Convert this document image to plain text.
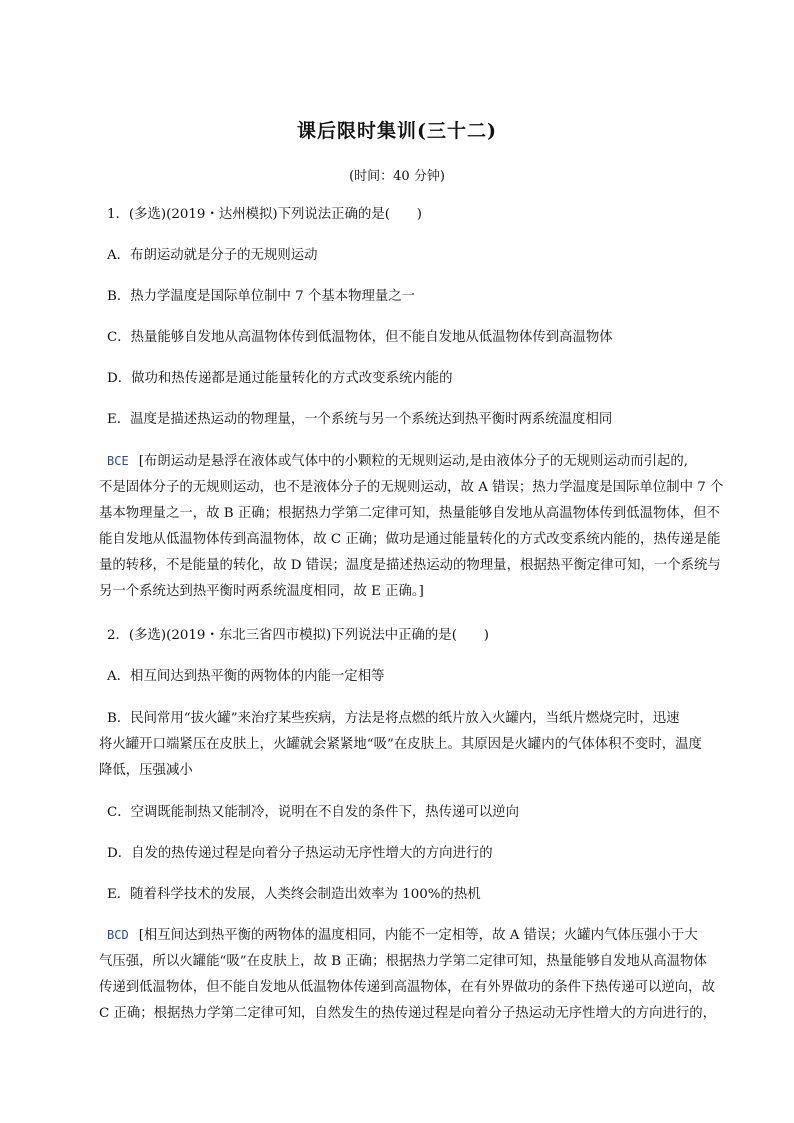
课后限时集训(三十二)
(时间：40 分钟)
1．(多选)(2019・达州模拟)下列说法正确的是(　　)
A．布朗运动就是分子的无规则运动
B．热力学温度是国际单位制中 7 个基本物理量之一
C．热量能够自发地从高温物体传到低温物体，但不能自发地从低温物体传到高温物体
D．做功和热传递都是通过能量转化的方式改变系统内能的
E．温度是描述热运动的物理量，一个系统与另一个系统达到热平衡时两系统温度相同
BCE [布朗运动是悬浮在液体或气体中的小颗粒的无规则运动,是由液体分子的无规则运动而引起的,
不是固体分子的无规则运动，也不是液体分子的无规则运动，故 A 错误；热力学温度是国际单位制中 7 个
基本物理量之一，故 B 正确；根据热力学第二定律可知，热量能够自发地从高温物体传到低温物体，但不
能自发地从低温物体传到高温物体，故 C 正确；做功是通过能量转化的方式改变系统内能的，热传递是能
量的转移，不是能量的转化，故 D 错误；温度是描述热运动的物理量，根据热平衡定律可知，一个系统与
另一个系统达到热平衡时两系统温度相同，故 E 正确。]
2．(多选)(2019・东北三省四市模拟)下列说法中正确的是(　　)
A．相互间达到热平衡的两物体的内能一定相等
B．民间常用“拔火罐”来治疗某些疾病，方法是将点燃的纸片放入火罐内，当纸片燃烧完时，迅速
将火罐开口端紧压在皮肤上，火罐就会紧紧地“吸”在皮肤上。其原因是火罐内的气体体积不变时，温度
降低，压强减小
C．空调既能制热又能制冷，说明在不自发的条件下，热传递可以逆向
D．自发的热传递过程是向着分子热运动无序性增大的方向进行的
E．随着科学技术的发展，人类终会制造出效率为 100%的热机
BCD [相互间达到热平衡的两物体的温度相同，内能不一定相等，故 A 错误；火罐内气体压强小于大
气压强，所以火罐能“吸”在皮肤上，故 B 正确；根据热力学第二定律可知，热量能够自发地从高温物体
传递到低温物体，但不能自发地从低温物体传递到高温物体，在有外界做功的条件下热传递可以逆向，故
C 正确；根据热力学第二定律可知，自然发生的热传递过程是向着分子热运动无序性增大的方向进行的，
